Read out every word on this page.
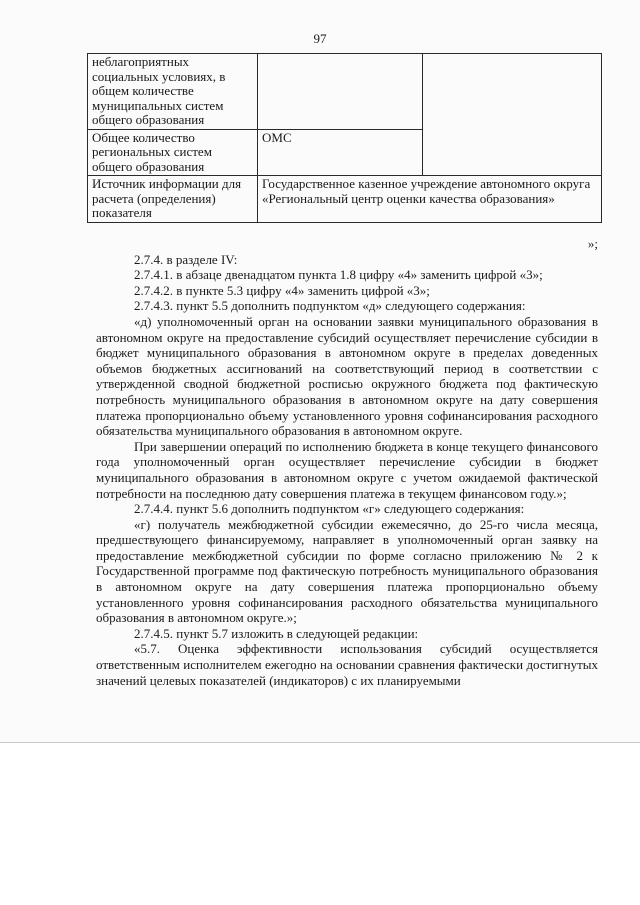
97
неблагоприятных социальных условиях, в общем количестве муниципальных систем общего образования		
Общее количество региональных систем общего образования	ОМС	
Источник информации для расчета (определения) показателя	Государственное казенное учреждение автономного округа «Региональный центр оценки качества образования»	

»;

2.7.4. в разделе IV:

2.7.4.1. в абзаце двенадцатом пункта 1.8 цифру «4» заменить цифрой «3»;

2.7.4.2. в пункте 5.3 цифру «4» заменить цифрой «3»;

2.7.4.3. пункт 5.5 дополнить подпунктом «д» следующего содержания:

«д) уполномоченный орган на основании заявки муниципального образования в автономном округе на предоставление субсидий осуществляет перечисление субсидии в бюджет муниципального образования в автономном округе в пределах доведенных объемов бюджетных ассигнований на соответствующий период в соответствии с утвержденной сводной бюджетной росписью окружного бюджета под фактическую потребность муниципального образования в автономном округе на дату совершения платежа пропорционально объему установленного уровня софинансирования расходного обязательства муниципального образования в автономном округе.

При завершении операций по исполнению бюджета в конце текущего финансового года уполномоченный орган осуществляет перечисление субсидии в бюджет муниципального образования в автономном округе с учетом ожидаемой фактической потребности на последнюю дату совершения платежа в текущем финансовом году.»;

2.7.4.4. пункт 5.6 дополнить подпунктом «г» следующего содержания:

«г) получатель межбюджетной субсидии ежемесячно, до 25-го числа месяца, предшествующего финансируемому, направляет в уполномоченный орган заявку на предоставление межбюджетной субсидии по форме согласно приложению № 2 к Государственной программе под фактическую потребность муниципального образования в автономном округе на дату совершения платежа пропорционально объему установленного уровня софинансирования расходного обязательства муниципального образования в автономном округе.»;

2.7.4.5. пункт 5.7 изложить в следующей редакции:

«5.7. Оценка эффективности использования субсидий осуществляется ответственным исполнителем ежегодно на основании сравнения фактически достигнутых значений целевых показателей (индикаторов) с их планируемыми
